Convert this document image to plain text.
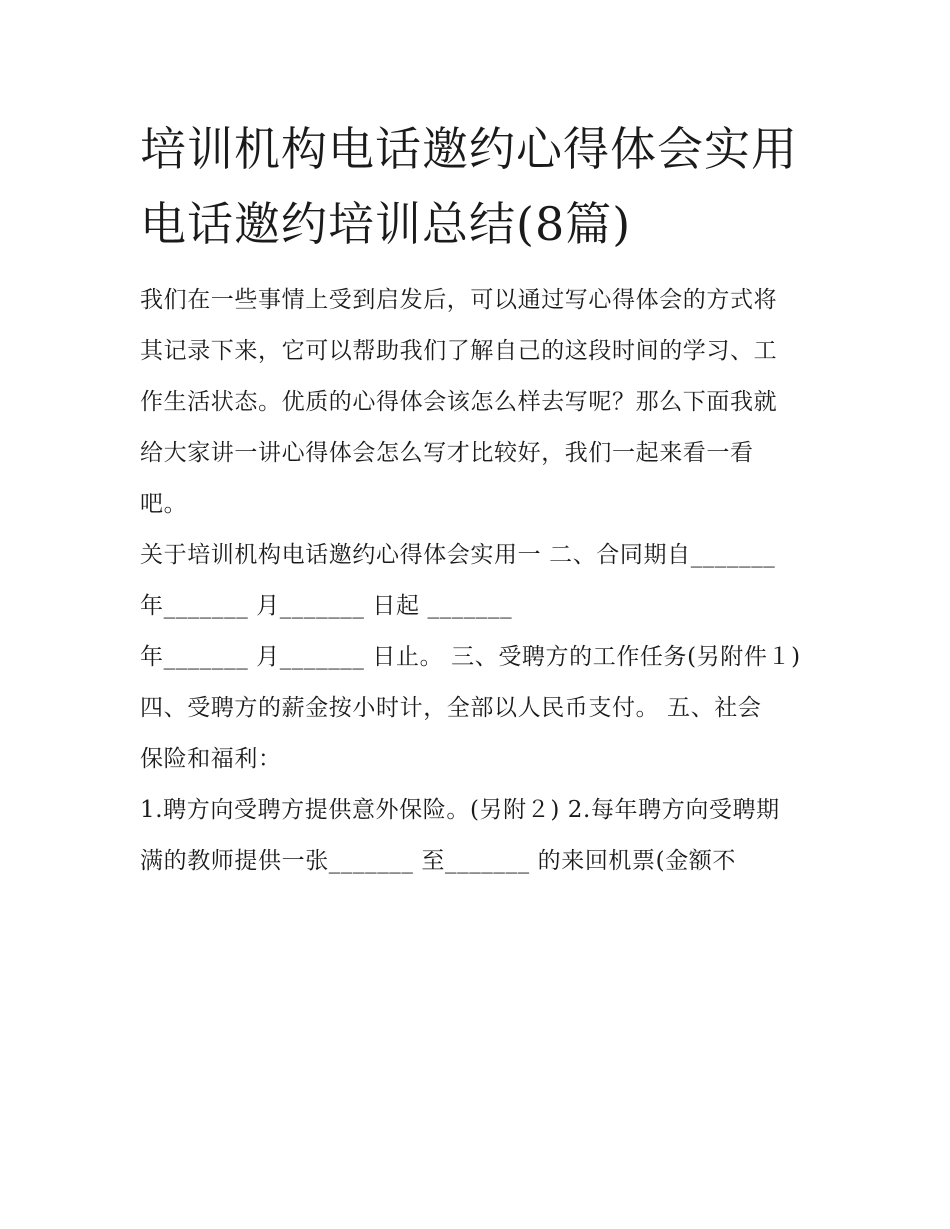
培训机构电话邀约心得体会实用 电话邀约培训总结(8篇)

我们在一些事情上受到启发后，可以通过写心得体会的方式将

其记录下来，它可以帮助我们了解自己的这段时间的学习、工

作生活状态。优质的心得体会该怎么样去写呢？那么下面我就

给大家讲一讲心得体会怎么写才比较好，我们一起来看一看

吧。

关于培训机构电话邀约心得体会实用一 二、合同期自_______

年_______ 月_______ 日起 _______

年_______ 月_______ 日止。 三、受聘方的工作任务(另附件１)

四、受聘方的薪金按小时计，全部以人民币支付。 五、社会

保险和福利：

1.聘方向受聘方提供意外保险。(另附２) 2.每年聘方向受聘期

满的教师提供一张_______ 至_______ 的来回机票(金额不
